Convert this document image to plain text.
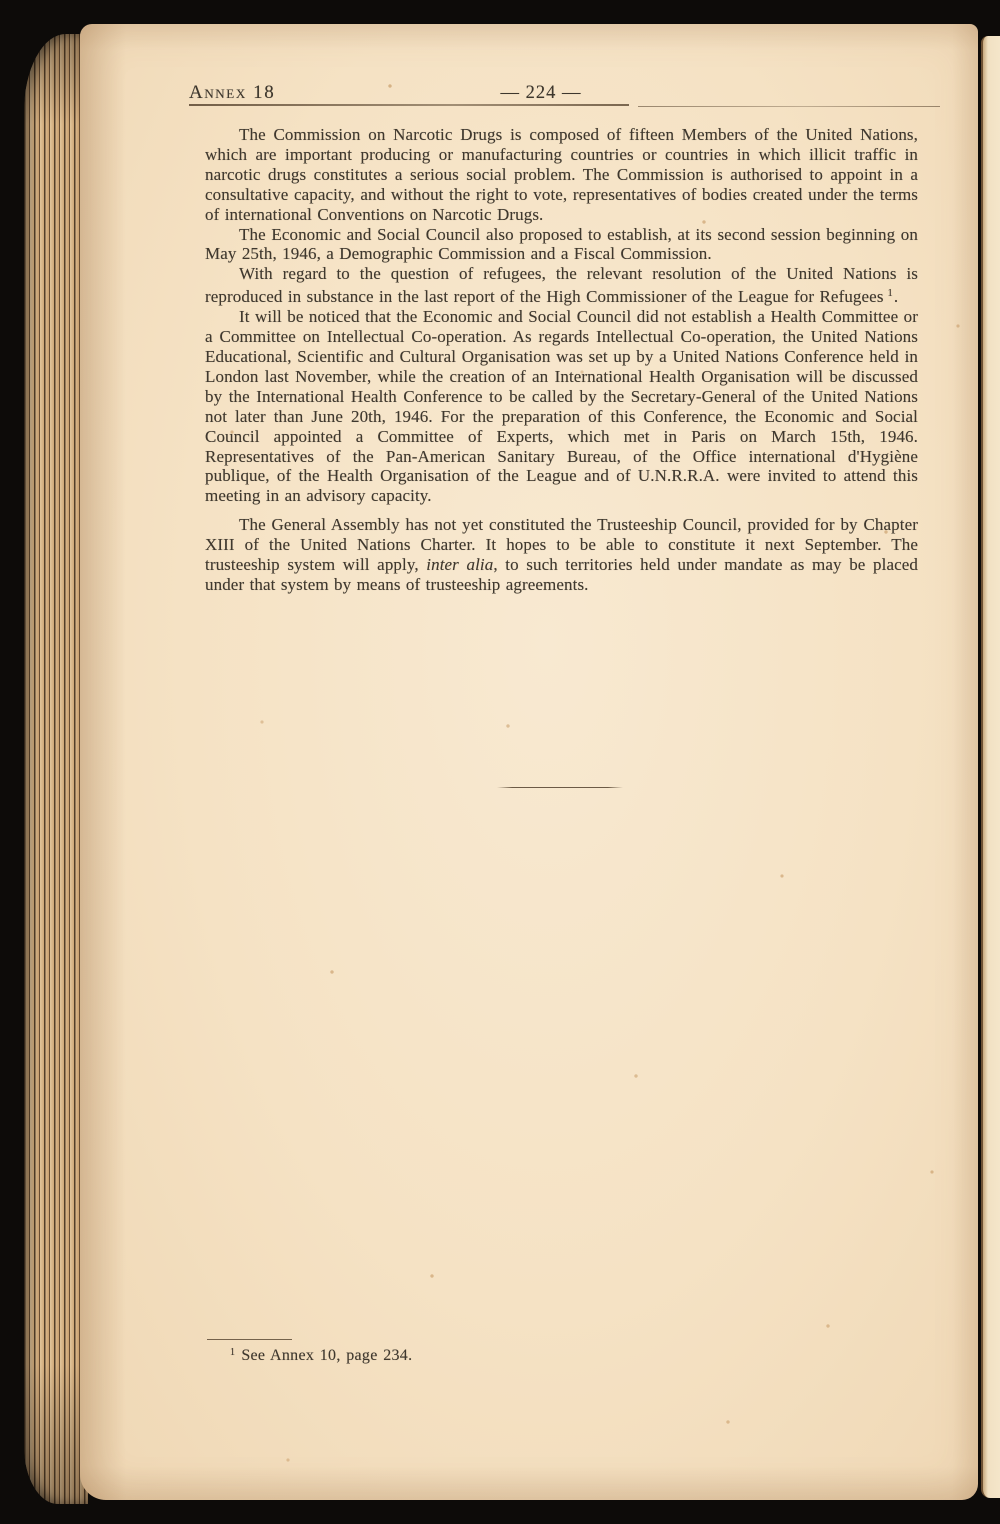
Annex 18	— 224 —

The Commission on Narcotic Drugs is composed of fifteen Members of the United Nations, which are important producing or manufacturing countries or countries in which illicit traffic in narcotic drugs constitutes a serious social problem. The Commission is authorised to appoint in a consultative capacity, and without the right to vote, representatives of bodies created under the terms of international Conventions on Narcotic Drugs.

The Economic and Social Council also proposed to establish, at its second session beginning on May 25th, 1946, a Demographic Commission and a Fiscal Commission.

With regard to the question of refugees, the relevant resolution of the United Nations is reproduced in substance in the last report of the High Commissioner of the League for Refugees $^1$.

It will be noticed that the Economic and Social Council did not establish a Health Committee or a Committee on Intellectual Co-operation. As regards Intellectual Co-operation, the United Nations Educational, Scientific and Cultural Organisation was set up by a United Nations Conference held in London last November, while the creation of an International Health Organisation will be discussed by the International Health Conference to be called by the Secretary-General of the United Nations not later than June 20th, 1946. For the preparation of this Conference, the Economic and Social Council appointed a Committee of Experts, which met in Paris on March 15th, 1946. Representatives of the Pan-American Sanitary Bureau, of the Office international d'Hygiène publique, of the Health Organisation of the League and of U.N.R.R.A. were invited to attend this meeting in an advisory capacity.

The General Assembly has not yet constituted the Trusteeship Council, provided for by Chapter XIII of the United Nations Charter. It hopes to be able to constitute it next September. The trusteeship system will apply, inter alia, to such territories held under mandate as may be placed under that system by means of trusteeship agreements.

$^1$ See Annex 10, page 234.
